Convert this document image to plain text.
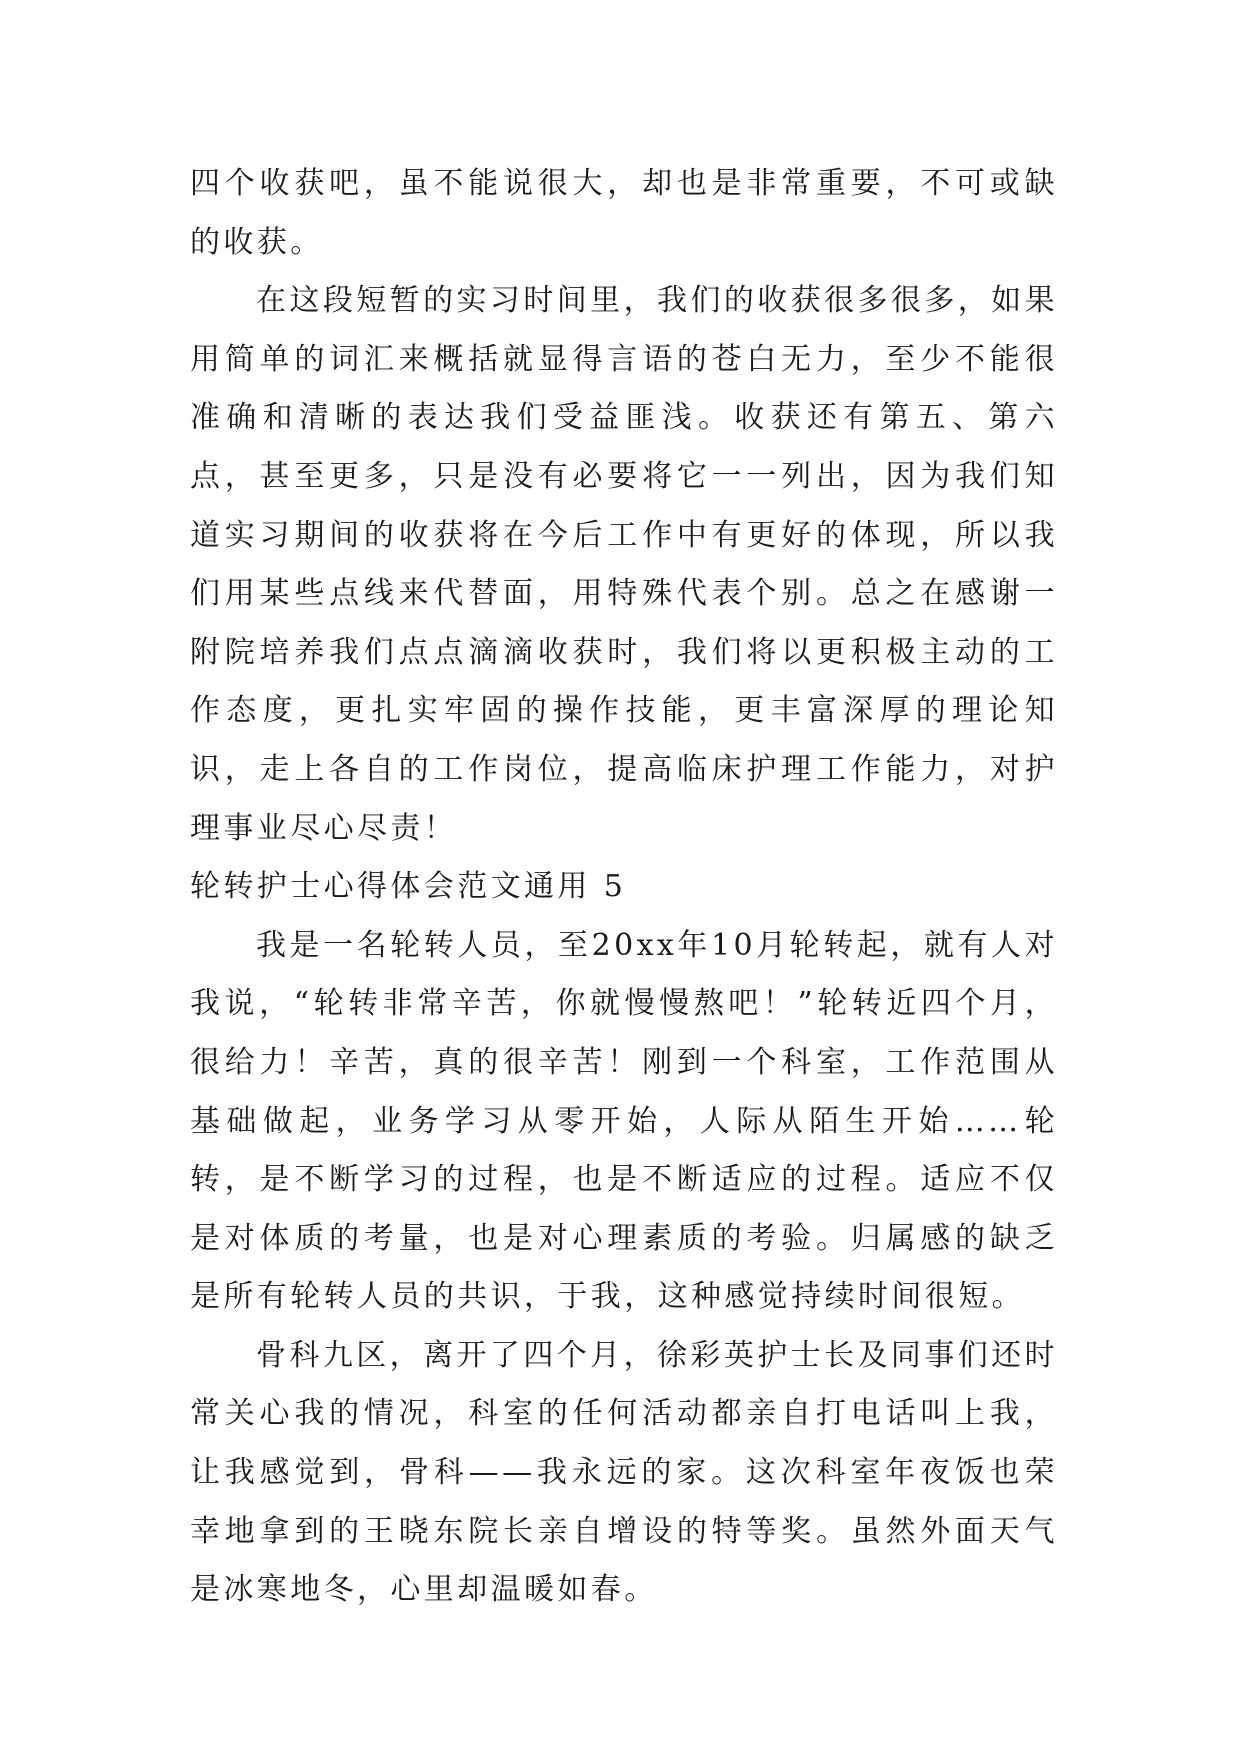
四个收获吧，虽不能说很大，却也是非常重要，不可或缺的收获。

在这段短暂的实习时间里，我们的收获很多很多，如果用简单的词汇来概括就显得言语的苍白无力，至少不能很准确和清晰的表达我们受益匪浅。收获还有第五、第六点，甚至更多，只是没有必要将它一一列出，因为我们知道实习期间的收获将在今后工作中有更好的体现，所以我们用某些点线来代替面，用特殊代表个别。总之在感谢一附院培养我们点点滴滴收获时，我们将以更积极主动的工作态度，更扎实牢固的操作技能，更丰富深厚的理论知识，走上各自的工作岗位，提高临床护理工作能力，对护理事业尽心尽责！

轮转护士心得体会范文通用 5

我是一名轮转人员，至20xx年10月轮转起，就有人对我说，“轮转非常辛苦，你就慢慢熬吧！”轮转近四个月，很给力！辛苦，真的很辛苦！刚到一个科室，工作范围从基础做起，业务学习从零开始，人际从陌生开始……轮转，是不断学习的过程，也是不断适应的过程。适应不仅是对体质的考量，也是对心理素质的考验。归属感的缺乏是所有轮转人员的共识，于我，这种感觉持续时间很短。

骨科九区，离开了四个月，徐彩英护士长及同事们还时常关心我的情况，科室的任何活动都亲自打电话叫上我，让我感觉到，骨科——我永远的家。这次科室年夜饭也荣幸地拿到的王晓东院长亲自增设的特等奖。虽然外面天气是冰寒地冬，心里却温暖如春。
